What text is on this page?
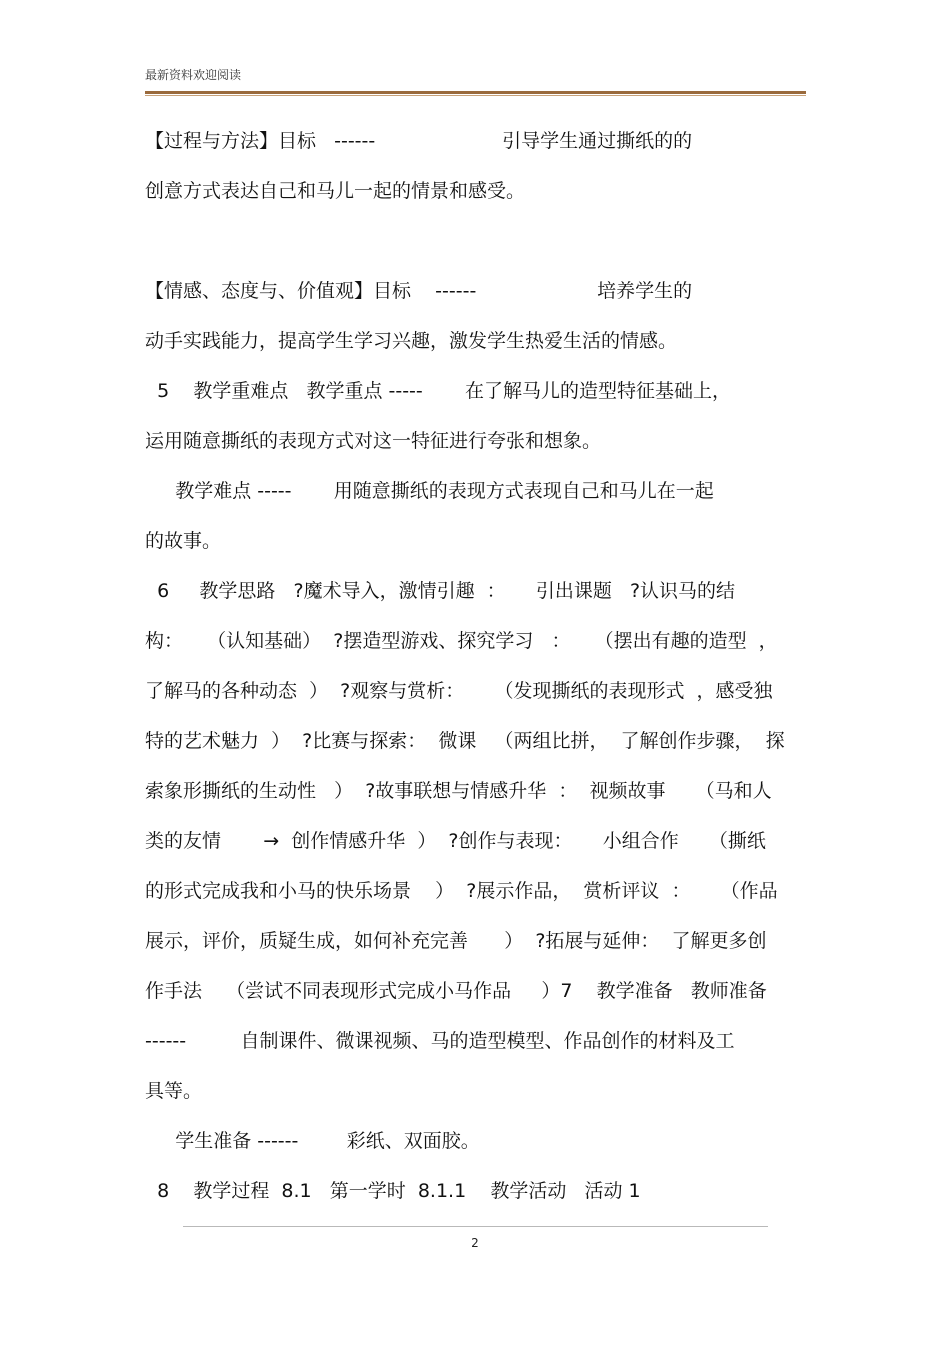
最新资料欢迎阅读
【过程与方法】目标   ------                     引导学生通过撕纸的的
创意方式表达自己和马儿一起的情景和感受。
【情感、态度与、价值观】目标    ------                    培养学生的
动手实践能力，提高学生学习兴趣，激发学生热爱生活的情感。
5    教学重难点   教学重点 -----       在了解马儿的造型特征基础上，
运用随意撕纸的表现方式对这一特征进行夸张和想象。
教学难点 -----       用随意撕纸的表现方式表现自己和马儿在一起
的故事。
6     教学思路   ?魔术导入，激情引趣  ：     引出课题   ?认识马的结
构：    （认知基础）  ?摆造型游戏、探究学习   ：    （摆出有趣的造型  ，
了解马的各种动态  ）  ?观察与赏析：     （发现撕纸的表现形式  ，感受独
特的艺术魅力  ）  ?比赛与探索：  微课   （两组比拼，  了解创作步骤，  探
索象形撕纸的生动性   ）  ?故事联想与情感升华  ：  视频故事     （马和人
类的友情       →  创作情感升华  ）  ?创作与表现：     小组合作     （撕纸
的形式完成我和小马的快乐场景    ）  ?展示作品，  赏析评议  ：     （作品
展示，评价，质疑生成，如何补充完善      ）  ?拓展与延伸：  了解更多创
作手法    （尝试不同表现形式完成小马作品     ）7    教学准备   教师准备
------         自制课件、微课视频、马的造型模型、作品创作的材料及工
具等。
学生准备 ------        彩纸、双面胶。
8    教学过程  8.1   第一学时  8.1.1    教学活动   活动 1
2
